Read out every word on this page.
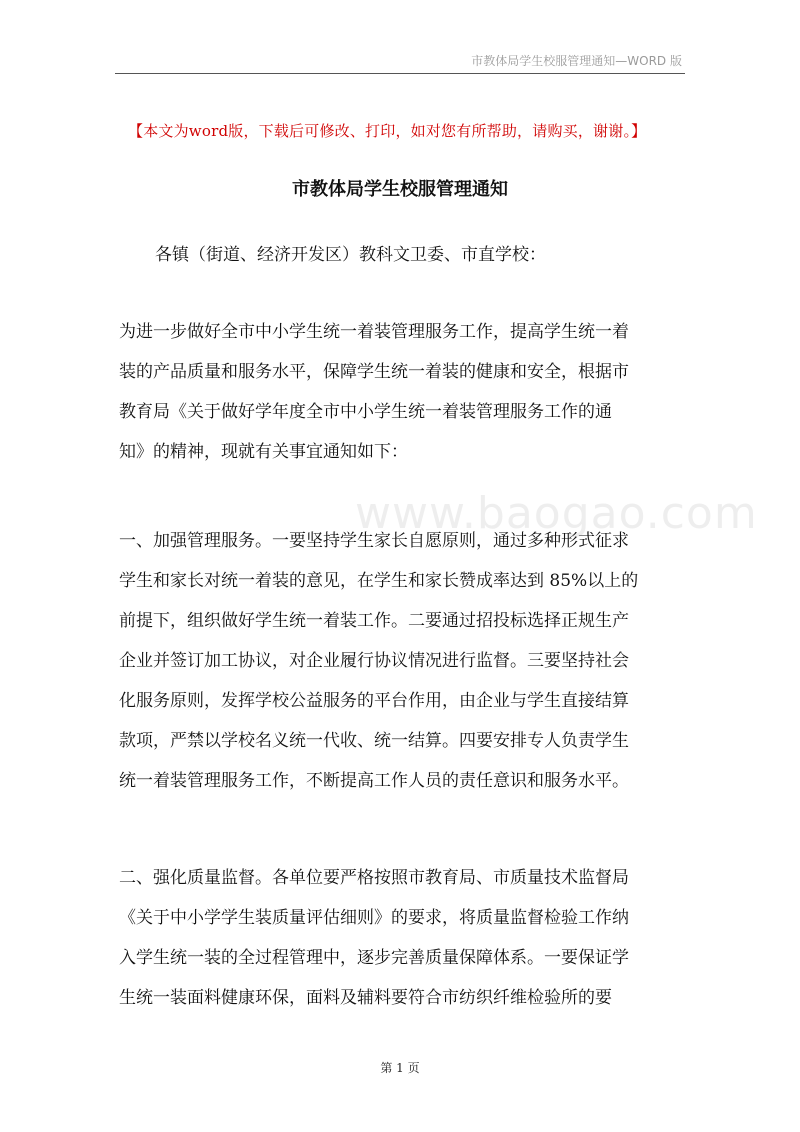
市教体局学生校服管理通知—WORD 版
【本文为word版，下载后可修改、打印，如对您有所帮助，请购买，谢谢。】
市教体局学生校服管理通知
各镇（街道、经济开发区）教科文卫委、市直学校：
为进一步做好全市中小学生统一着装管理服务工作，提高学生统一着
装的产品质量和服务水平，保障学生统一着装的健康和安全，根据市
教育局《关于做好学年度全市中小学生统一着装管理服务工作的通
知》的精神，现就有关事宜通知如下：
一、加强管理服务。一要坚持学生家长自愿原则，通过多种形式征求
学生和家长对统一着装的意见，在学生和家长赞成率达到 85%以上的
前提下，组织做好学生统一着装工作。二要通过招投标选择正规生产
企业并签订加工协议，对企业履行协议情况进行监督。三要坚持社会
化服务原则，发挥学校公益服务的平台作用，由企业与学生直接结算
款项，严禁以学校名义统一代收、统一结算。四要安排专人负责学生
统一着装管理服务工作，不断提高工作人员的责任意识和服务水平。
二、强化质量监督。各单位要严格按照市教育局、市质量技术监督局
《关于中小学学生装质量评估细则》的要求，将质量监督检验工作纳
入学生统一装的全过程管理中，逐步完善质量保障体系。一要保证学
生统一装面料健康环保，面料及辅料要符合市纺织纤维检验所的要
www.baogao.com
第 1 页
